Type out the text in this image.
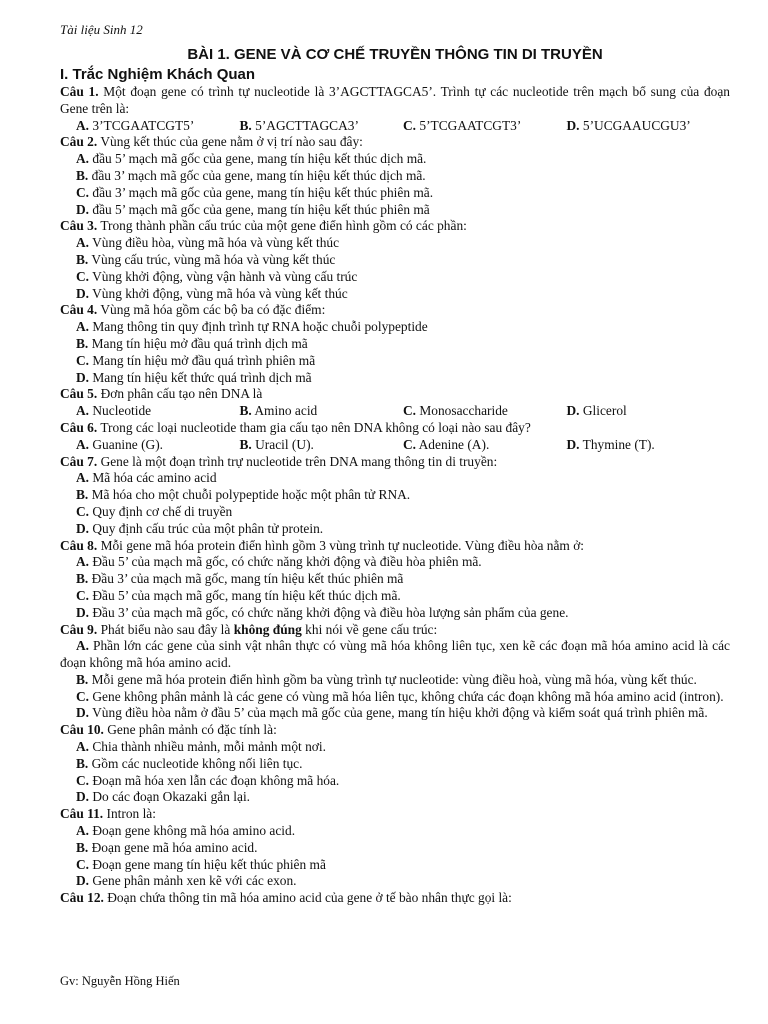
Tài liệu Sinh 12
BÀI 1. GENE VÀ CƠ CHẾ TRUYỀN THÔNG TIN DI TRUYỀN
I. Trắc Nghiệm Khách Quan
Câu 1. Một đoạn gene có trình tự nucleotide là 3’AGCTTAGCA5’. Trình tự các nucleotide trên mạch bổ sung của đoạn Gene trên là:
A. 3’TCGAATCGT5’	B. 5’AGCTTAGCA3’	C. 5’TCGAATCGT3’	D. 5’UCGAAUCGU3’
Câu 2. Vùng kết thúc của gene nằm ở vị trí nào sau đây:
A. đầu 5’ mạch mã gốc của gene, mang tín hiệu kết thúc dịch mã.
B. đầu 3’ mạch mã gốc của gene, mang tín hiệu kết thúc dịch mã.
C. đầu 3’ mạch mã gốc của gene, mang tín hiệu kết thúc phiên mã.
D. đầu 5’ mạch mã gốc của gene, mang tín hiệu kết thúc phiên mã
Câu 3. Trong thành phần cấu trúc của một gene điển hình gồm có các phần:
A. Vùng điều hòa, vùng mã hóa và vùng kết thúc
B. Vùng cấu trúc, vùng mã hóa và vùng kết thúc
C. Vùng khởi động, vùng vận hành và vùng cấu trúc
D. Vùng khởi động, vùng mã hóa và vùng kết thúc
Câu 4. Vùng mã hóa gồm các bộ ba có đặc điểm:
A. Mang thông tin quy định trình tự RNA hoặc chuỗi polypeptide
B. Mang tín hiệu mở đầu quá trình dịch mã
C. Mang tín hiệu mở đầu quá trình phiên mã
D. Mang tín hiệu kết thức quá trình dịch mã
Câu 5. Đơn phân cấu tạo nên DNA là
A. Nucleotide	B. Amino acid	C. Monosaccharide	D. Glicerol
Câu 6. Trong các loại nucleotide tham gia cấu tạo nên DNA không có loại nào sau đây?
A. Guanine (G).	B. Uracil (U).	C. Adenine (A).	D. Thymine (T).
Câu 7. Gene là một đoạn trình trự nucleotide trên DNA mang thông tin di truyền:
A. Mã hóa các amino acid
B. Mã hóa cho một chuỗi polypeptide hoặc một phân tử RNA.
C. Quy định cơ chế di truyền
D. Quy định cấu trúc của một phân tử protein.
Câu 8. Mỗi gene mã hóa protein điển hình gồm 3 vùng trình tự nucleotide. Vùng điều hòa nằm ở:
A. Đầu 5’ của mạch mã gốc, có chức năng khởi động và điều hòa phiên mã.
B. Đầu 3’ của mạch mã gốc, mang tín hiệu kết thúc phiên mã
C. Đầu 5’ của mạch mã gốc, mang tín hiệu kết thúc dịch mã.
D. Đầu 3’ của mạch mã gốc, có chức năng khởi động và điều hòa lượng sản phẩm của gene.
Câu 9. Phát biểu nào sau đây là không đúng khi nói về gene cấu trúc:
A. Phần lớn các gene của sinh vật nhân thực có vùng mã hóa không liên tục, xen kẽ các đoạn mã hóa amino acid là các đoạn không mã hóa amino acid.
B. Mỗi gene mã hóa protein điển hình gồm ba vùng trình tự nucleotide: vùng điều hoà, vùng mã hóa, vùng kết thúc.
C. Gene không phân mảnh là các gene có vùng mã hóa liên tục, không chứa các đoạn không mã hóa amino acid (intron).
D. Vùng điều hòa nằm ở đầu 5’ của mạch mã gốc của gene, mang tín hiệu khởi động và kiểm soát quá trình phiên mã.
Câu 10. Gene phân mảnh có đặc tính là:
A. Chia thành nhiều mảnh, mỗi mảnh một nơi.
B. Gồm các nucleotide không nối liên tục.
C. Đoạn mã hóa xen lẫn các đoạn không mã hóa.
D. Do các đoạn Okazaki gắn lại.
Câu 11. Intron là:
A. Đoạn gene không mã hóa amino acid.
B. Đoạn gene mã hóa amino acid.
C. Đoạn gene mang tín hiệu kết thúc phiên mã
D. Gene phân mảnh xen kẽ với các exon.
Câu 12. Đoạn chứa thông tin mã hóa amino acid của gene ở tế bào nhân thực gọi là:
Gv: Nguyễn Hồng Hiến
